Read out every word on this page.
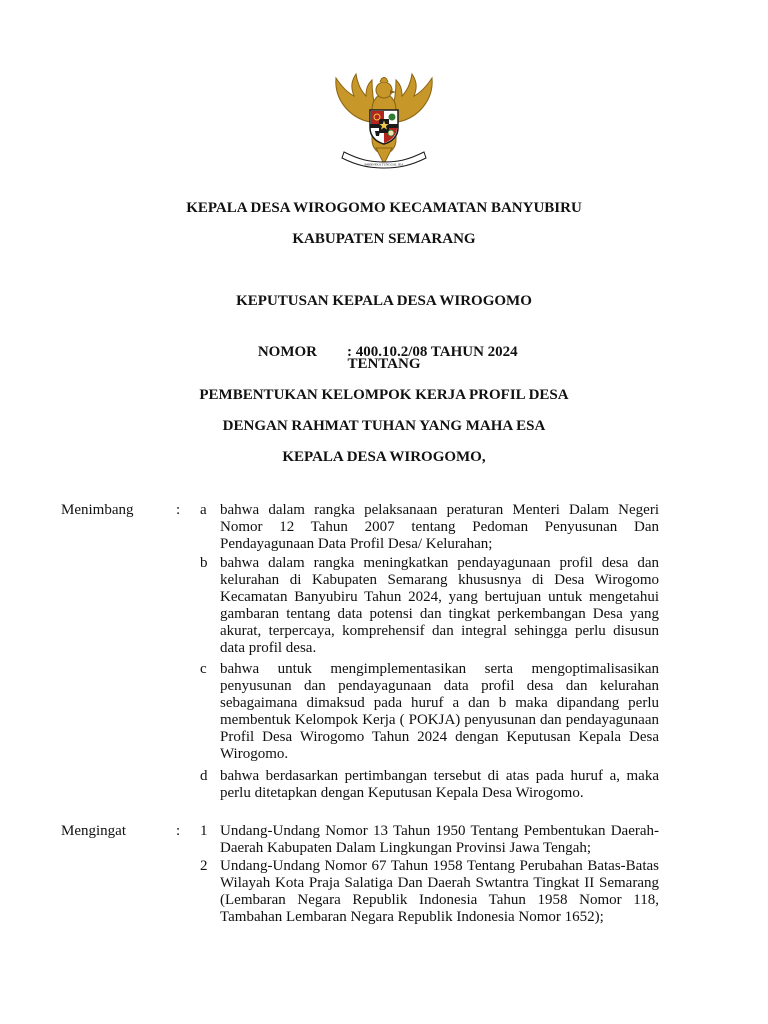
BHINNEKA TUNGGAL IKA
KEPALA DESA WIROGOMO KECAMATAN BANYUBIRU
KABUPATEN SEMARANG
KEPUTUSAN KEPALA DESA WIROGOMO

NOMOR : 400.10.2/08 TAHUN 2024

TENTANG
PEMBENTUKAN KELOMPOK KERJA PROFIL DESA
DENGAN RAHMAT TUHAN YANG MAHA ESA
KEPALA DESA WIROGOMO,
Menimbang	: a bahwa dalam rangka pelaksanaan peraturan Menteri Dalam Negeri Nomor 12 Tahun 2007 tentang Pedoman Penyusunan Dan Pendayagunaan Data Profil Desa/ Kelurahan;
b bahwa dalam rangka meningkatkan pendayagunaan profil desa dan kelurahan di Kabupaten Semarang khususnya di Desa Wirogomo Kecamatan Banyubiru Tahun 2024, yang bertujuan untuk mengetahui gambaran tentang data potensi dan tingkat perkembangan Desa yang akurat, terpercaya, komprehensif dan integral sehingga perlu disusun data profil desa.
c bahwa untuk mengimplementasikan serta mengoptimalisasikan penyusunan dan pendayagunaan data profil desa dan kelurahan sebagaimana dimaksud pada huruf a dan b maka dipandang perlu membentuk Kelompok Kerja ( POKJA) penyusunan dan pendayagunaan Profil Desa Wirogomo Tahun 2024 dengan Keputusan Kepala Desa Wirogomo.
d bahwa berdasarkan pertimbangan tersebut di atas pada huruf a, maka perlu ditetapkan dengan Keputusan Kepala Desa Wirogomo.
Mengingat	: 1 Undang-Undang Nomor 13 Tahun 1950 Tentang Pembentukan Daerah-Daerah Kabupaten Dalam Lingkungan Provinsi Jawa Tengah;
2 Undang-Undang Nomor 67 Tahun 1958 Tentang Perubahan Batas-Batas Wilayah Kota Praja Salatiga Dan Daerah Swtantra Tingkat II Semarang (Lembaran Negara Republik Indonesia Tahun 1958 Nomor 118, Tambahan Lembaran Negara Republik Indonesia Nomor 1652);
